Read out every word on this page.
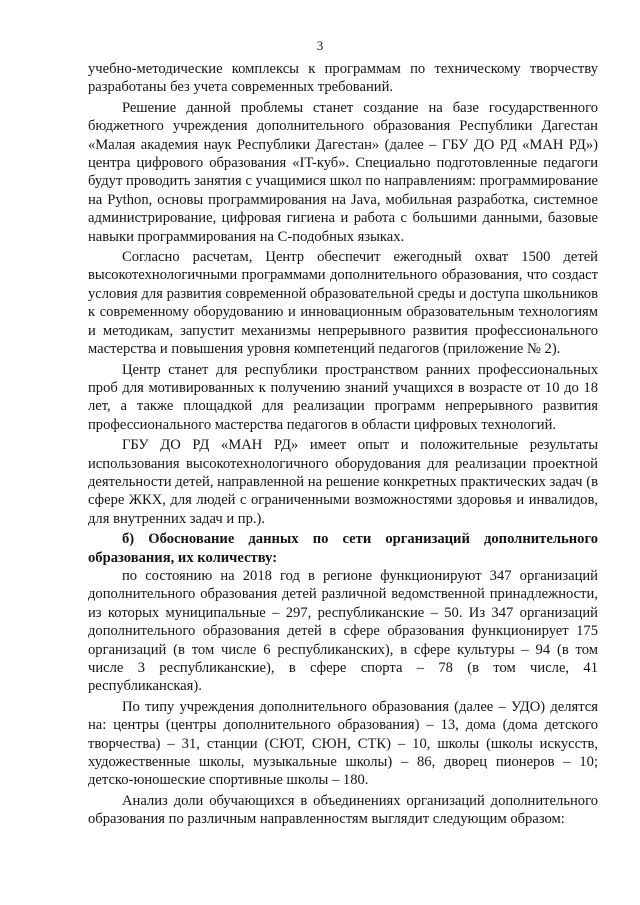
3

учебно-методические комплексы к программам по техническому творчеству разработаны без учета современных требований.

Решение данной проблемы станет создание на базе государственного бюджетного учреждения дополнительного образования Республики Дагестан «Малая академия наук Республики Дагестан» (далее – ГБУ ДО РД «МАН РД») центра цифрового образования «IT-куб». Специально подготовленные педагоги будут проводить занятия с учащимися школ по направлениям: программирование на Python, основы программирования на Java, мобильная разработка, системное администрирование, цифровая гигиена и работа с большими данными, базовые навыки программирования на С-подобных языках.

Согласно расчетам, Центр обеспечит ежегодный охват 1500 детей высокотехнологичными программами дополнительного образования, что создаст условия для развития современной образовательной среды и доступа школьников к современному оборудованию и инновационным образовательным технологиям и методикам, запустит механизмы непрерывного развития профессионального мастерства и повышения уровня компетенций педагогов (приложение № 2).

Центр станет для республики пространством ранних профессиональных проб для мотивированных к получению знаний учащихся в возрасте от 10 до 18 лет, а также площадкой для реализации программ непрерывного развития профессионального мастерства педагогов в области цифровых технологий.

ГБУ ДО РД «МАН РД» имеет опыт и положительные результаты использования высокотехнологичного оборудования для реализации проектной деятельности детей, направленной на решение конкретных практических задач (в сфере ЖКХ, для людей с ограниченными возможностями здоровья и инвалидов, для внутренних задач и пр.).

б) Обоснование данных по сети организаций дополнительного образования, их количеству:

по состоянию на 2018 год в регионе функционируют 347 организаций дополнительного образования детей различной ведомственной принадлежности, из которых муниципальные – 297, республиканские – 50. Из 347 организаций дополнительного образования детей в сфере образования функционирует 175 организаций (в том числе 6 республиканских), в сфере культуры – 94 (в том числе 3 республиканские), в сфере спорта – 78 (в том числе, 41 республиканская).

По типу учреждения дополнительного образования (далее – УДО) делятся на: центры (центры дополнительного образования) – 13, дома (дома детского творчества) – 31, станции (СЮТ, СЮН, СТК) – 10, школы (школы искусств, художественные школы, музыкальные школы) – 86, дворец пионеров – 10; детско-юношеские спортивные школы – 180.

Анализ доли обучающихся в объединениях организаций дополнительного образования по различным направленностям выглядит следующим образом:
